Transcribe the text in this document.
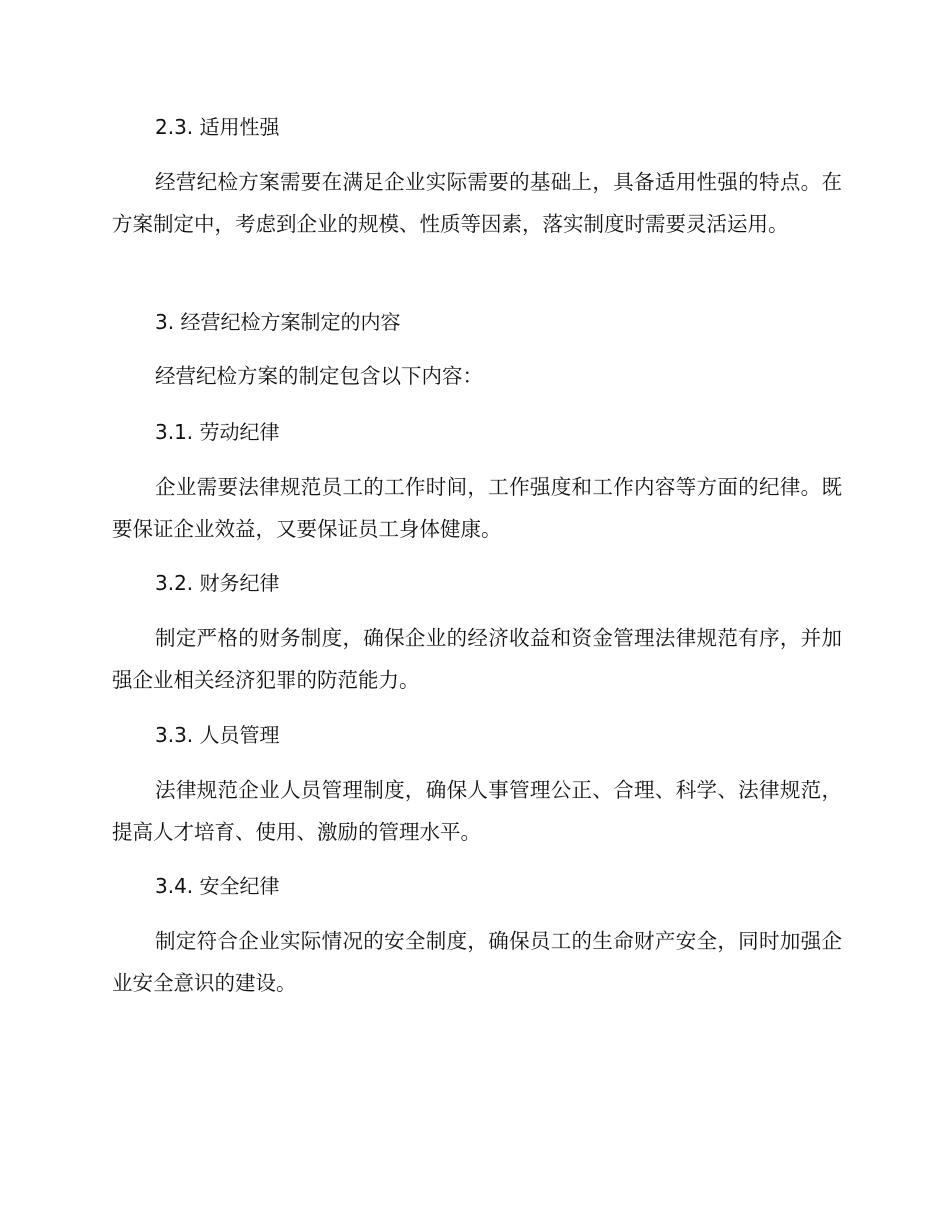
2.3. 适用性强

经营纪检方案需要在满足企业实际需要的基础上，具备适用性强的特点。在方案制定中，考虑到企业的规模、性质等因素，落实制度时需要灵活运用。

3. 经营纪检方案制定的内容

经营纪检方案的制定包含以下内容：

3.1. 劳动纪律

企业需要法律规范员工的工作时间，工作强度和工作内容等方面的纪律。既要保证企业效益，又要保证员工身体健康。

3.2. 财务纪律

制定严格的财务制度，确保企业的经济收益和资金管理法律规范有序，并加强企业相关经济犯罪的防范能力。

3.3. 人员管理

法律规范企业人员管理制度，确保人事管理公正、合理、科学、法律规范，提高人才培育、使用、激励的管理水平。

3.4. 安全纪律

制定符合企业实际情况的安全制度，确保员工的生命财产安全，同时加强企业安全意识的建设。
